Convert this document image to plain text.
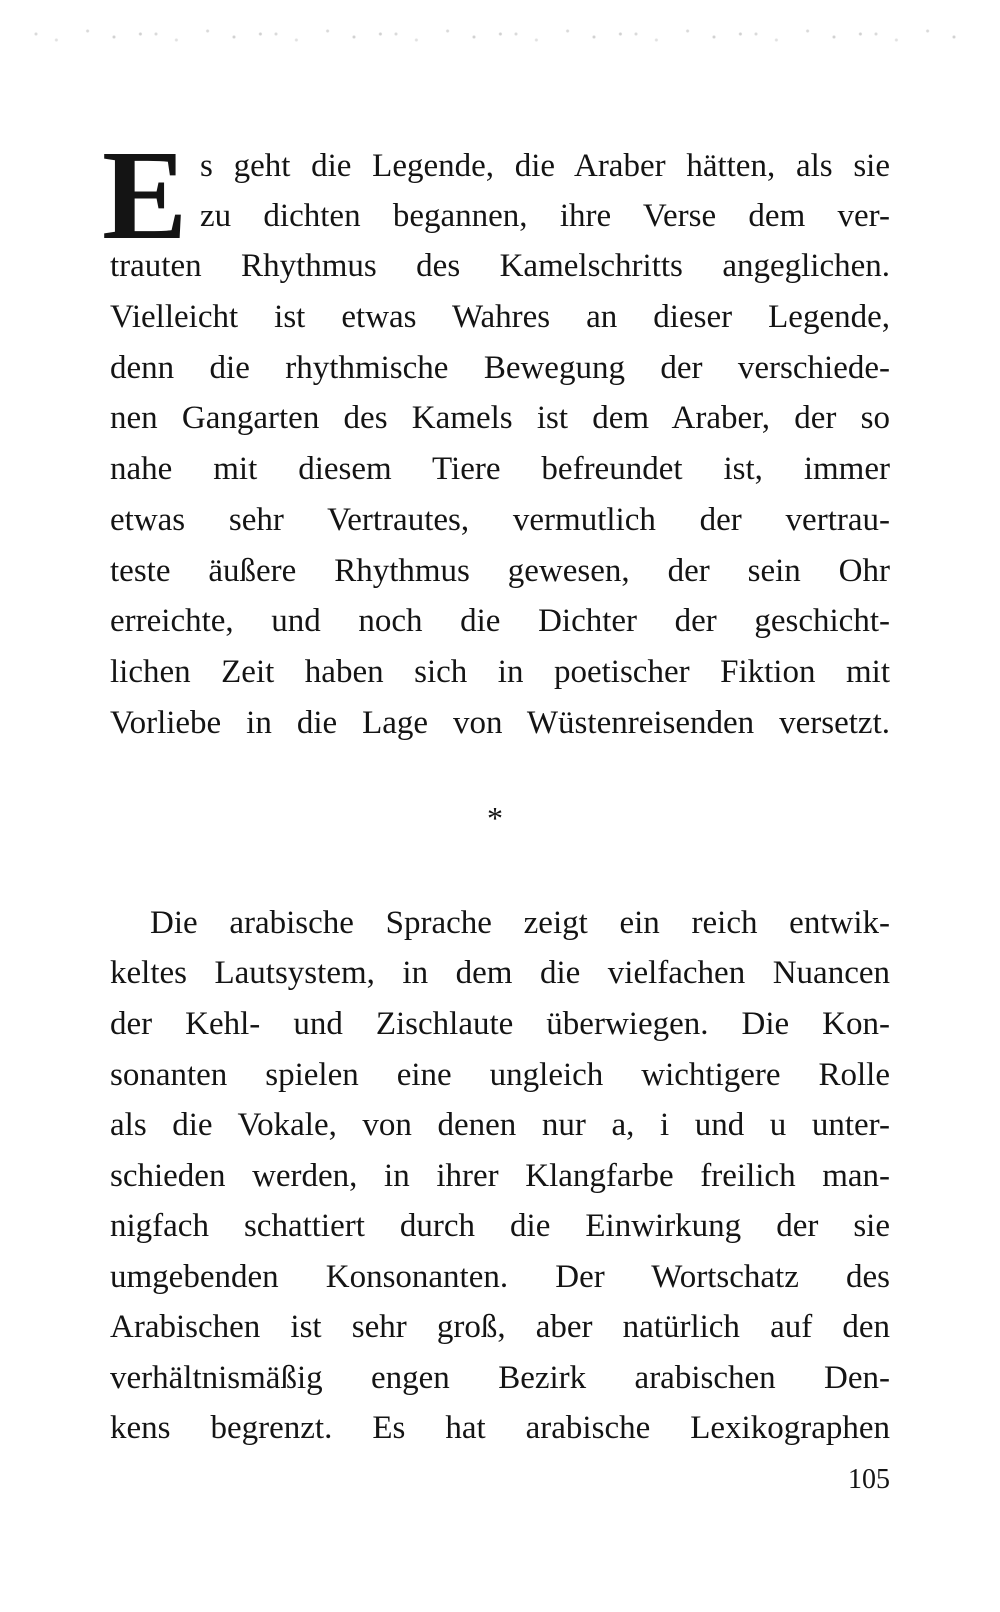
E s geht die Legende, die Araber hätten, als sie
zu dichten begannen, ihre Verse dem ver-
trauten Rhythmus des Kamelschritts angeglichen.
Vielleicht ist etwas Wahres an dieser Legende,
denn die rhythmische Bewegung der verschiede-
nen Gangarten des Kamels ist dem Araber, der so
nahe mit diesem Tiere befreundet ist, immer
etwas sehr Vertrautes, vermutlich der vertrau-
teste äußere Rhythmus gewesen, der sein Ohr
erreichte, und noch die Dichter der geschicht-
lichen Zeit haben sich in poetischer Fiktion mit
Vorliebe in die Lage von Wüstenreisenden versetzt.
*
Die arabische Sprache zeigt ein reich entwik-
keltes Lautsystem, in dem die vielfachen Nuancen
der Kehl- und Zischlaute überwiegen. Die Kon-
sonanten spielen eine ungleich wichtigere Rolle
als die Vokale, von denen nur a, i und u unter-
schieden werden, in ihrer Klangfarbe freilich man-
nigfach schattiert durch die Einwirkung der sie
umgebenden Konsonanten. Der Wortschatz des
Arabischen ist sehr groß, aber natürlich auf den
verhältnismäßig engen Bezirk arabischen Den-
kens begrenzt. Es hat arabische Lexikographen
105
